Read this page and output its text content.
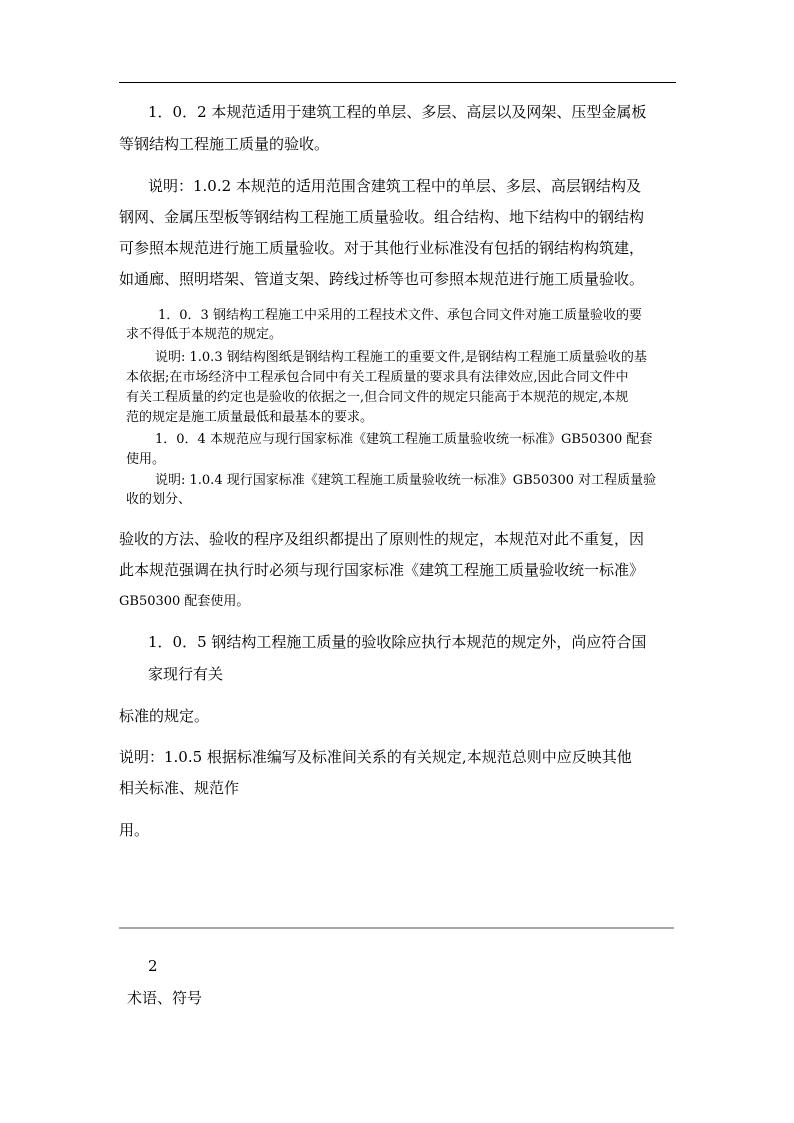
1．0．2 本规范适用于建筑工程的单层、多层、高层以及网架、压型金属板
等钢结构工程施工质量的验收。
说明：1.0.2 本规范的适用范围含建筑工程中的单层、多层、高层钢结构及
钢网、金属压型板等钢结构工程施工质量验收。组合结构、地下结构中的钢结构
可参照本规范进行施工质量验收。对于其他行业标准没有包括的钢结构构筑建，
如通廊、照明塔架、管道支架、跨线过桥等也可参照本规范进行施工质量验收。
1．0．3 钢结构工程施工中采用的工程技术文件、承包合同文件对施工质量验收的要
求不得低于本规范的规定。
说明: 1.0.3 钢结构图纸是钢结构工程施工的重要文件,是钢结构工程施工质量验收的基
本依据;在市场经济中工程承包合同中有关工程质量的要求具有法律效应,因此合同文件中
有关工程质量的约定也是验收的依据之一,但合同文件的规定只能高于本规范的规定,本规
范的规定是施工质量最低和最基本的要求。
1．0．4 本规范应与现行国家标准《建筑工程施工质量验收统一标准》GB50300 配套
使用。
说明: 1.0.4 现行国家标准《建筑工程施工质量验收统一标准》GB50300 对工程质量验
收的划分、
验收的方法、验收的程序及组织都提出了原则性的规定，本规范对此不重复，因
此本规范强调在执行时必须与现行国家标准《建筑工程施工质量验收统一标准》
GB50300 配套使用。
1．0．5 钢结构工程施工质量的验收除应执行本规范的规定外，尚应符合国
家现行有关
标准的规定。
说明：1.0.5 根据标准编写及标准间关系的有关规定,本规范总则中应反映其他
相关标准、规范作
用。
2
术语、符号
